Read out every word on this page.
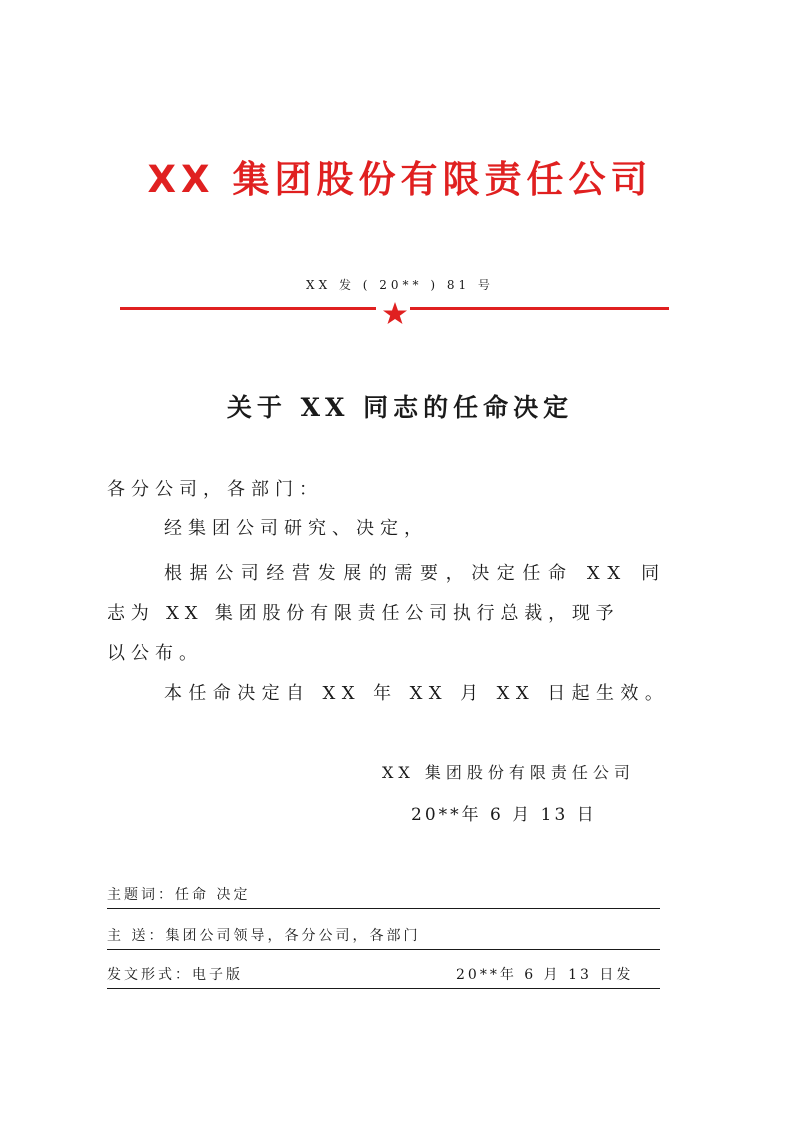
XX 集团股份有限责任公司
XX 发 ( 20** ) 81 号
关于 XX 同志的任命决定
各分公司，各部门：
经集团公司研究、决定，
根据公司经营发展的需要，决定任命 XX 同
志为 XX 集团股份有限责任公司执行总裁，现予
以公布。
本任命决定自 XX 年 XX 月 XX 日起生效。
XX 集团股份有限责任公司
20**年 6 月 13 日
主题词：任命 决定
主 送：集团公司领导，各分公司，各部门
发文形式：电子版	20**年 6 月 13 日发
